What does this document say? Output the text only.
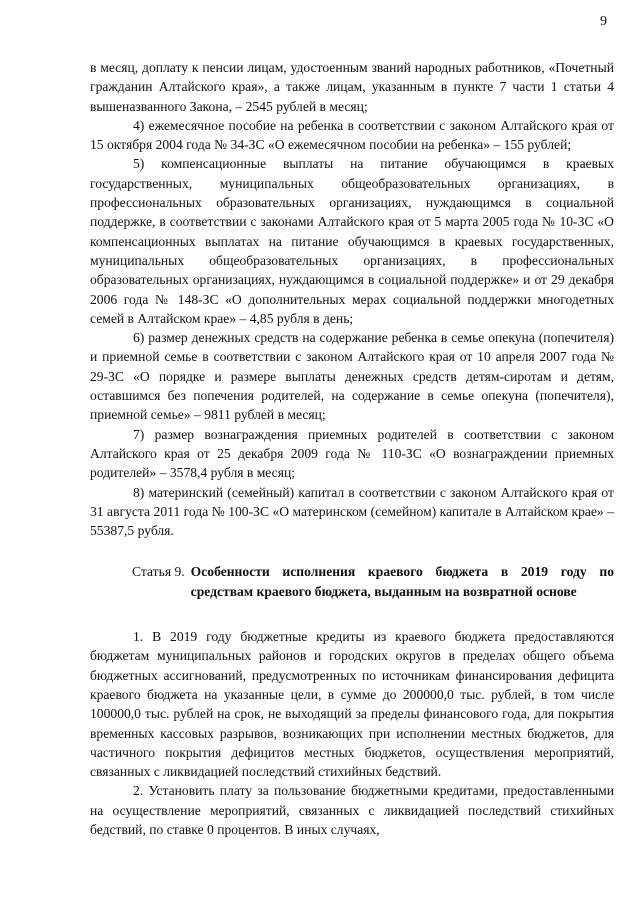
9

в месяц, доплату к пенсии лицам, удостоенным званий народных работников, «Почетный гражданин Алтайского края», а также лицам, указанным в пункте 7 части 1 статьи 4 вышеназванного Закона, – 2545 рублей в месяц;

4) ежемесячное пособие на ребенка в соответствии с законом Алтайского края от 15 октября 2004 года № 34-ЗС «О ежемесячном пособии на ребенка» – 155 рублей;

5) компенсационные выплаты на питание обучающимся в краевых государственных, муниципальных общеобразовательных организациях, в профессиональных образовательных организациях, нуждающимся в социальной поддержке, в соответствии с законами Алтайского края от 5 марта 2005 года № 10-ЗС «О компенсационных выплатах на питание обучающимся в краевых государственных, муниципальных общеобразовательных организациях, в профессиональных образовательных организациях, нуждающимся в социальной поддержке» и от 29 декабря 2006 года № 148-ЗС «О дополнительных мерах социальной поддержки многодетных семей в Алтайском крае» – 4,85 рубля в день;

6) размер денежных средств на содержание ребенка в семье опекуна (попечителя) и приемной семье в соответствии с законом Алтайского края от 10 апреля 2007 года № 29-ЗС «О порядке и размере выплаты денежных средств детям-сиротам и детям, оставшимся без попечения родителей, на содержание в семье опекуна (попечителя), приемной семье» – 9811 рублей в месяц;

7) размер вознаграждения приемных родителей в соответствии с законом Алтайского края от 25 декабря 2009 года № 110-ЗС «О вознаграждении приемных родителей» – 3578,4 рубля в месяц;

8) материнский (семейный) капитал в соответствии с законом Алтайского края от 31 августа 2011 года № 100-ЗС «О материнском (семейном) капитале в Алтайском крае» – 55387,5 рубля.

Статья 9. Особенности исполнения краевого бюджета в 2019 году по средствам краевого бюджета, выданным на возвратной основе

1. В 2019 году бюджетные кредиты из краевого бюджета предоставляются бюджетам муниципальных районов и городских округов в пределах общего объема бюджетных ассигнований, предусмотренных по источникам финансирования дефицита краевого бюджета на указанные цели, в сумме до 200000,0 тыс. рублей, в том числе 100000,0 тыс. рублей на срок, не выходящий за пределы финансового года, для покрытия временных кассовых разрывов, возникающих при исполнении местных бюджетов, для частичного покрытия дефицитов местных бюджетов, осуществления мероприятий, связанных с ликвидацией последствий стихийных бедствий.

2. Установить плату за пользование бюджетными кредитами, предоставленными на осуществление мероприятий, связанных с ликвидацией последствий стихийных бедствий, по ставке 0 процентов. В иных случаях,
